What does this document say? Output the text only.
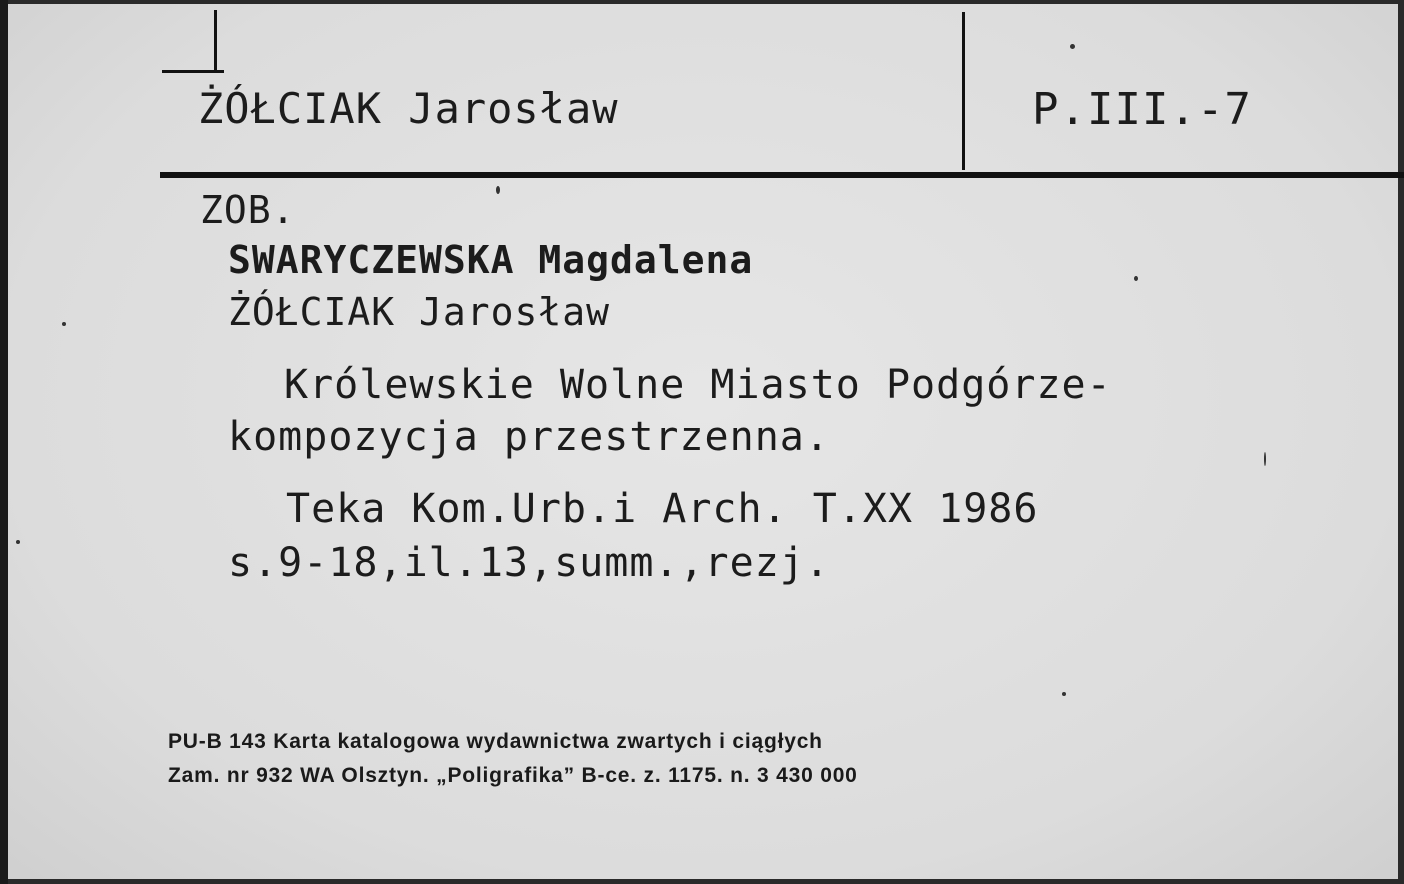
ŻÓŁCIAK Jarosław	P.III.-7
ZOB.
SWARYCZEWSKA Magdalena
ŻÓŁCIAK Jarosław
Królewskie Wolne Miasto Podgórze-
kompozycja przestrzenna.
Teka Kom.Urb.i Arch. T.XX 1986
s.9-18,il.13,summ.,rezj.
PU-B 143 Karta katalogowa wydawnictwa zwartych i ciągłych
Zam. nr 932 WA Olsztyn. „Poligrafika” B-ce. z. 1175. n. 3 430 000
